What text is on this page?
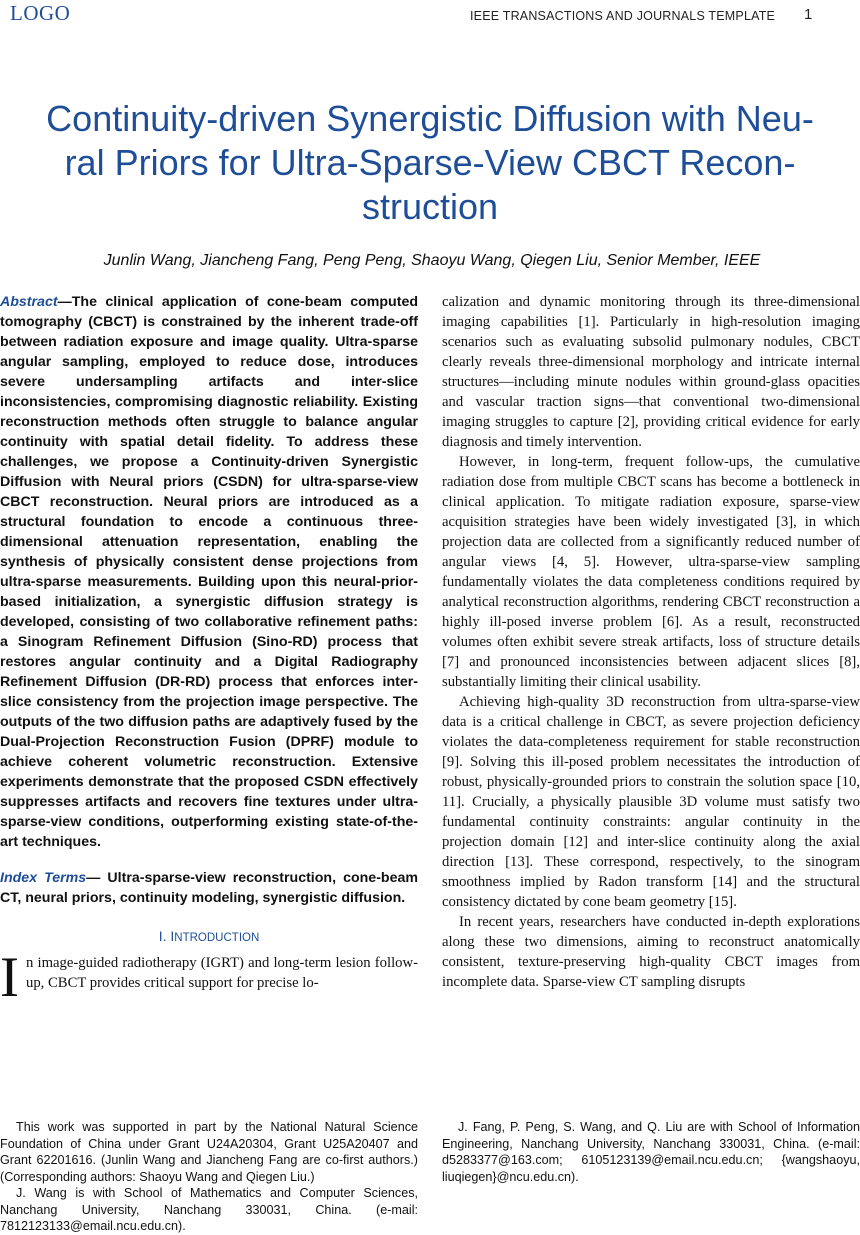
LOGO	IEEE TRANSACTIONS AND JOURNALS TEMPLATE 1
Continuity-driven Synergistic Diffusion with Neu-
ral Priors for Ultra-Sparse-View CBCT Recon-
struction
Junlin Wang, Jiancheng Fang, Peng Peng, Shaoyu Wang, Qiegen Liu, Senior Member, IEEE

Abstract—The clinical application of cone-beam computed tomography (CBCT) is constrained by the inherent trade-off between radiation exposure and image quality. Ultra-sparse angular sampling, employed to reduce dose, introduces severe undersampling artifacts and inter-slice inconsistencies, compromising diagnostic reliability. Existing reconstruction methods often struggle to balance angular continuity with spatial detail fidelity. To address these challenges, we propose a Continuity-driven Synergistic Diffusion with Neural priors (CSDN) for ultra-sparse-view CBCT reconstruction. Neural priors are introduced as a structural foundation to encode a continuous three-dimensional attenuation representation, enabling the synthesis of physically consistent dense projections from ultra-sparse measurements. Building upon this neural-prior-based initialization, a synergistic diffusion strategy is developed, consisting of two collaborative refinement paths: a Sinogram Refinement Diffusion (Sino-RD) process that restores angular continuity and a Digital Radiography Refinement Diffusion (DR-RD) process that enforces inter-slice consistency from the projection image perspective. The outputs of the two diffusion paths are adaptively fused by the Dual-Projection Reconstruction Fusion (DPRF) module to achieve coherent volumetric reconstruction. Extensive experiments demonstrate that the proposed CSDN effectively suppresses artifacts and recovers fine textures under ultra-sparse-view conditions, outperforming existing state-of-the-art techniques.

Index Terms— Ultra-sparse-view reconstruction, cone-beam CT, neural priors, continuity modeling, synergistic diffusion.

I. INTRODUCTION

In image-guided radiotherapy (IGRT) and long-term lesion follow-up, CBCT provides critical support for precise lo-

calization and dynamic monitoring through its three-dimensional imaging capabilities [1]. Particularly in high-resolution imaging scenarios such as evaluating subsolid pulmonary nodules, CBCT clearly reveals three-dimensional morphology and intricate internal structures—including minute nodules within ground-glass opacities and vascular traction signs—that conventional two-dimensional imaging struggles to capture [2], providing critical evidence for early diagnosis and timely intervention.

However, in long-term, frequent follow-ups, the cumulative radiation dose from multiple CBCT scans has become a bottleneck in clinical application. To mitigate radiation exposure, sparse-view acquisition strategies have been widely investigated [3], in which projection data are collected from a significantly reduced number of angular views [4, 5]. However, ultra-sparse-view sampling fundamentally violates the data completeness conditions required by analytical reconstruction algorithms, rendering CBCT reconstruction a highly ill-posed inverse problem [6]. As a result, reconstructed volumes often exhibit severe streak artifacts, loss of structure details [7] and pronounced inconsistencies between adjacent slices [8], substantially limiting their clinical usability.

Achieving high-quality 3D reconstruction from ultra-sparse-view data is a critical challenge in CBCT, as severe projection deficiency violates the data-completeness requirement for stable reconstruction [9]. Solving this ill-posed problem necessitates the introduction of robust, physically-grounded priors to constrain the solution space [10, 11]. Crucially, a physically plausible 3D volume must satisfy two fundamental continuity constraints: angular continuity in the projection domain [12] and inter-slice continuity along the axial direction [13]. These correspond, respectively, to the sinogram smoothness implied by Radon transform [14] and the structural consistency dictated by cone beam geometry [15].

In recent years, researchers have conducted in-depth explorations along these two dimensions, aiming to reconstruct anatomically consistent, texture-preserving high-quality CBCT images from incomplete data. Sparse-view CT sampling disrupts

This work was supported in part by the National Natural Science Foundation of China under Grant U24A20304, Grant U25A20407 and Grant 62201616. (Junlin Wang and Jiancheng Fang are co-first authors.) (Corresponding authors: Shaoyu Wang and Qiegen Liu.)

J. Wang is with School of Mathematics and Computer Sciences, Nanchang University, Nanchang 330031, China. (e-mail: 7812123133@email.ncu.edu.cn).

J. Fang, P. Peng, S. Wang, and Q. Liu are with School of Information Engineering, Nanchang University, Nanchang 330031, China. (e-mail: d5283377@163.com; 6105123139@email.ncu.edu.cn; {wangshaoyu, liuqiegen}@ncu.edu.cn).
